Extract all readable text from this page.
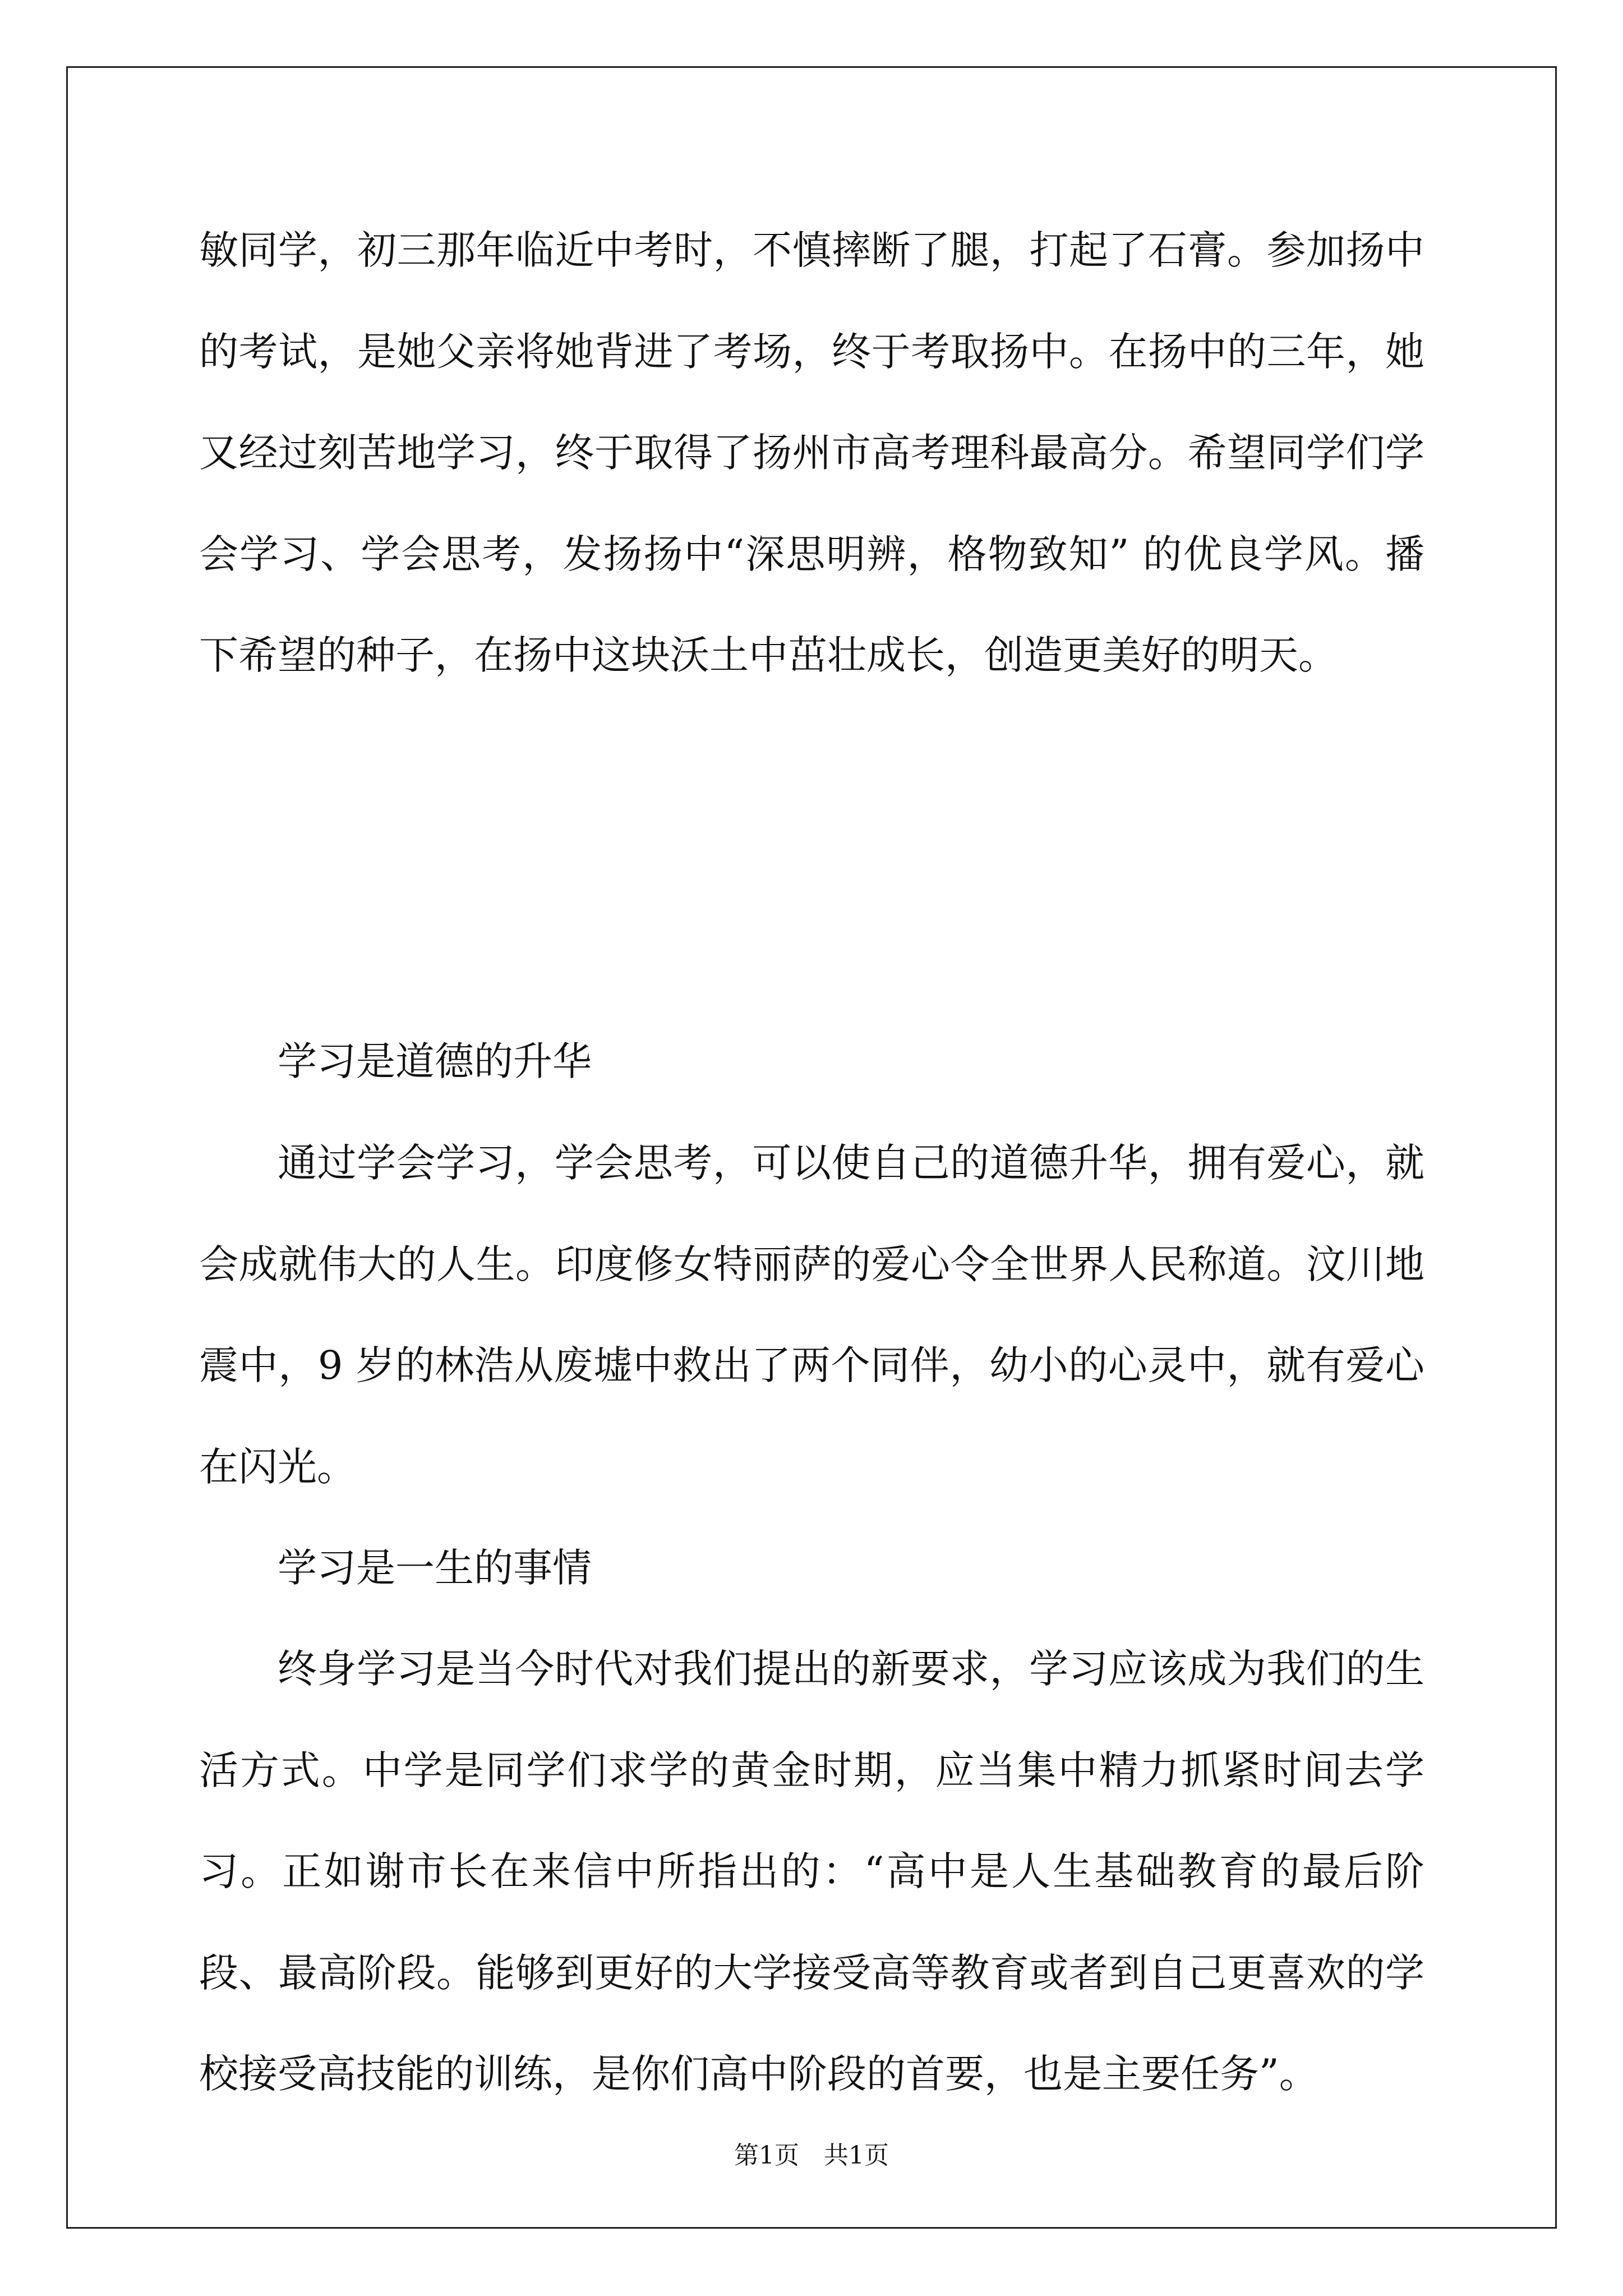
敏同学，初三那年临近中考时，不慎摔断了腿，打起了石膏。参加扬中的考试，是她父亲将她背进了考场，终于考取扬中。在扬中的三年，她又经过刻苦地学习，终于取得了扬州市高考理科最高分。希望同学们学会学习、学会思考，发扬扬中“深思明辨，格物致知” 的优良学风。播下希望的种子，在扬中这块沃土中茁壮成长，创造更美好的明天。

学习是道德的升华

通过学会学习，学会思考，可以使自己的道德升华，拥有爱心，就会成就伟大的人生。印度修女特丽萨的爱心令全世界人民称道。汶川地震中，9 岁的林浩从废墟中救出了两个同伴，幼小的心灵中，就有爱心在闪光。

学习是一生的事情

终身学习是当今时代对我们提出的新要求，学习应该成为我们的生活方式。中学是同学们求学的黄金时期，应当集中精力抓紧时间去学习。正如谢市长在来信中所指出的：“高中是人生基础教育的最后阶段、最高阶段。能够到更好的大学接受高等教育或者到自己更喜欢的学校接受高技能的训练，是你们高中阶段的首要，也是主要任务”。

第1页　共1页
